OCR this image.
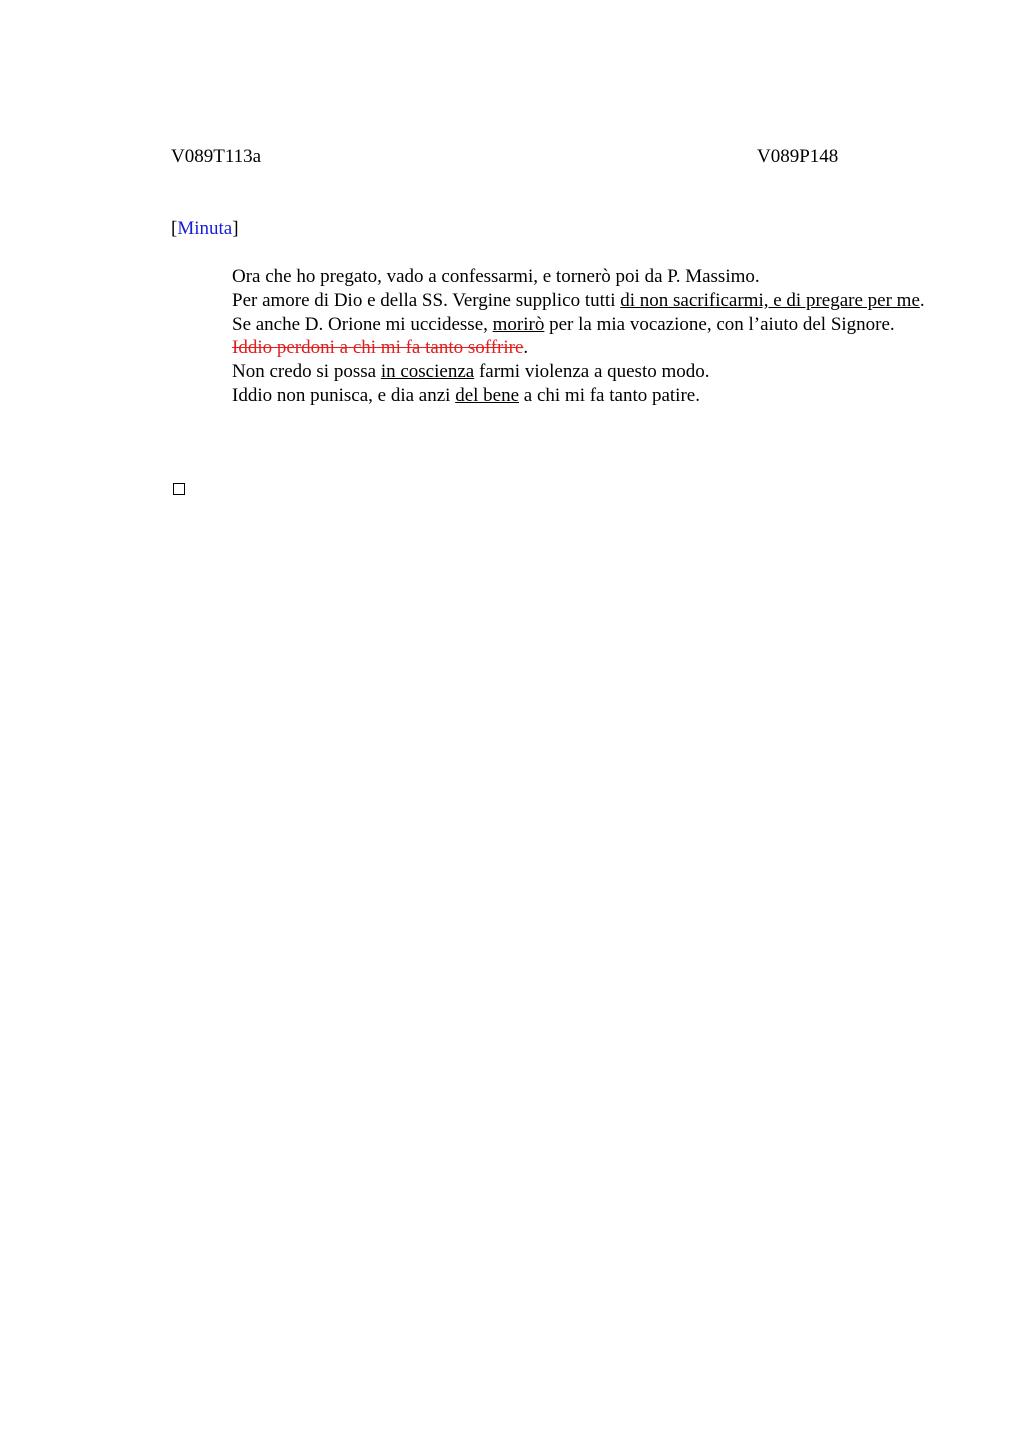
V089T113a	V089P148
[Minuta]

Ora che ho pregato, vado a confessarmi, e tornerò poi da P. Massimo.

Per amore di Dio e della SS. Vergine supplico tutti di non sacrificarmi, e di pregare per me.

Se anche D. Orione mi uccidesse, morirò per la mia vocazione, con l’aiuto del Signore.

Iddio perdoni a chi mi fa tanto soffrire.

Non credo si possa in coscienza farmi violenza a questo modo.

Iddio non punisca, e dia anzi del bene a chi mi fa tanto patire.
